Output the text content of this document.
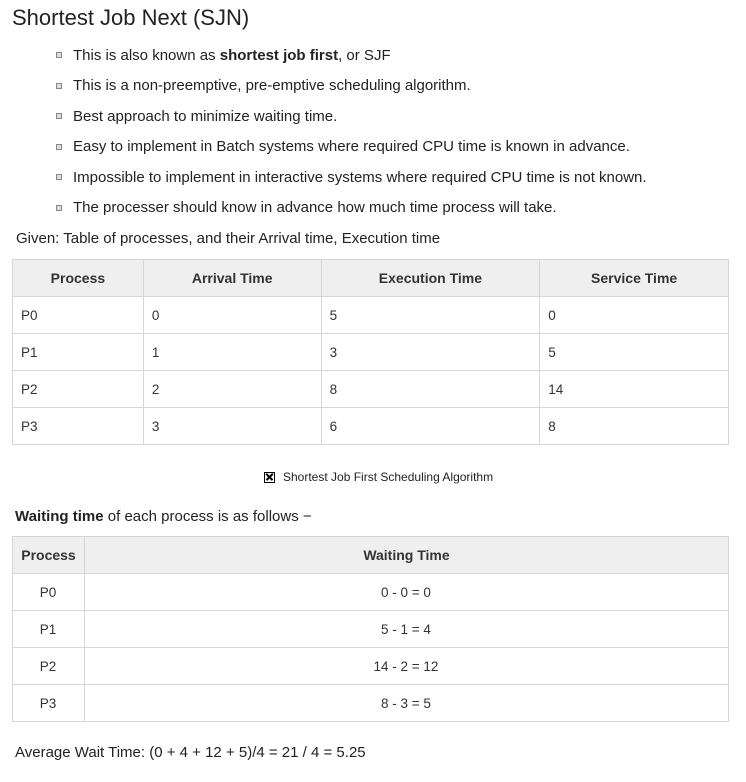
Shortest Job Next (SJN)
This is also known as shortest job first, or SJF
This is a non-preemptive, pre-emptive scheduling algorithm.
Best approach to minimize waiting time.
Easy to implement in Batch systems where required CPU time is known in advance.
Impossible to implement in interactive systems where required CPU time is not known.
The processer should know in advance how much time process will take.
Given: Table of processes, and their Arrival time, Execution time
Process	Arrival Time	Execution Time	Service Time
P0	0	5	0
P1	1	3	5
P2	2	8	14
P3	3	6	8
Shortest Job First Scheduling Algorithm
Waiting time of each process is as follows −
Process	Waiting Time
P0	0 - 0 = 0
P1	5 - 1 = 4
P2	14 - 2 = 12
P3	8 - 3 = 5
Average Wait Time: (0 + 4 + 12 + 5)/4 = 21 / 4 = 5.25
